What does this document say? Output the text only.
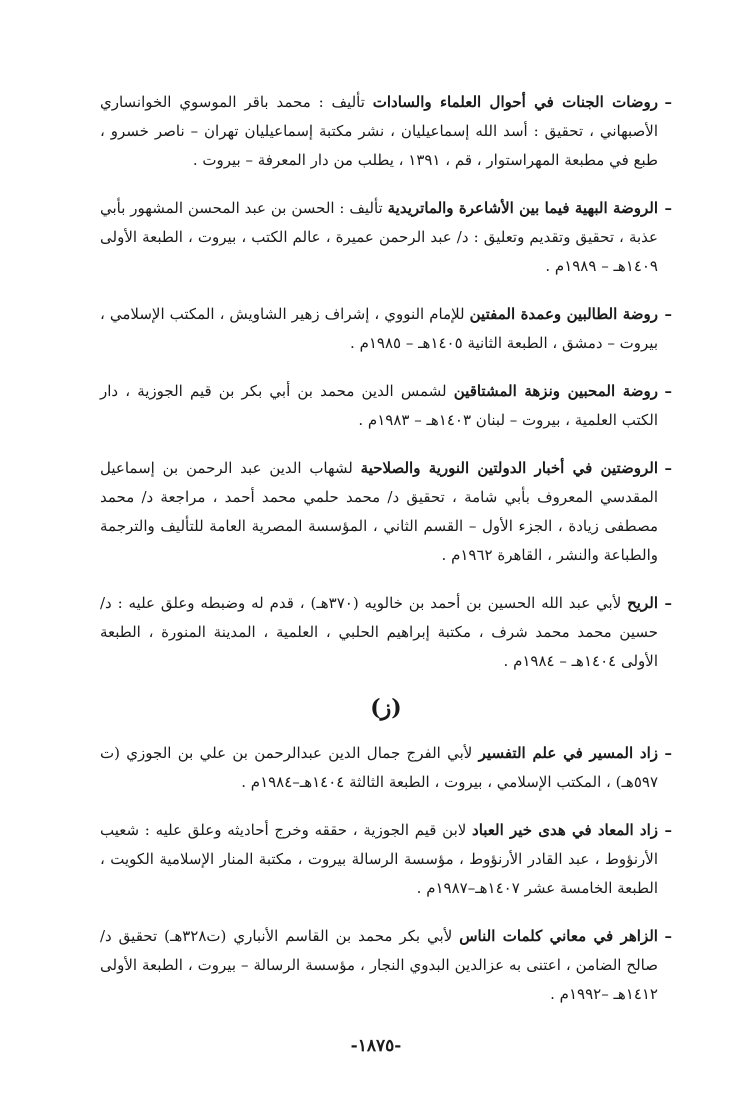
– روضات الجنات في أحوال العلماء والسادات تأليف : محمد باقر الموسوي الخوانساري الأصبهاني ، تحقيق : أسد الله إسماعيليان ، نشر مكتبة إسماعيليان تهران – ناصر خسرو ، طبع في مطبعة المهراستوار ، قم ، ١٣٩١ ، يطلب من دار المعرفة – بيروت .
– الروضة البهية فيما بين الأشاعرة والماتريدية تأليف : الحسن بن عبد المحسن المشهور بأبي عذبة ، تحقيق وتقديم وتعليق : د/ عبد الرحمن عميرة ، عالم الكتب ، بيروت ، الطبعة الأولى ١٤٠٩هـ – ١٩٨٩م .
– روضة الطالبين وعمدة المفتين للإمام النووي ، إشراف زهير الشاويش ، المكتب الإسلامي ، بيروت – دمشق ، الطبعة الثانية ١٤٠٥هـ – ١٩٨٥م .
– روضة المحبين ونزهة المشتاقين لشمس الدين محمد بن أبي بكر بن قيم الجوزية ، دار الكتب العلمية ، بيروت – لبنان ١٤٠٣هـ – ١٩٨٣م .
– الروضتين في أخبار الدولتين النورية والصلاحية لشهاب الدين عبد الرحمن بن إسماعيل المقدسي المعروف بأبي شامة ، تحقيق د/ محمد حلمي محمد أحمد ، مراجعة د/ محمد مصطفى زيادة ، الجزء الأول – القسم الثاني ، المؤسسة المصرية العامة للتأليف والترجمة والطباعة والنشر ، القاهرة ١٩٦٢م .
– الريح لأبي عبد الله الحسين بن أحمد بن خالويه (٣٧٠هـ) ، قدم له وضبطه وعلق عليه : د/ حسين محمد محمد شرف ، مكتبة إبراهيم الحلبي ، العلمية ، المدينة المنورة ، الطبعة الأولى ١٤٠٤هـ – ١٩٨٤م .
(ز)
– زاد المسير في علم التفسير لأبي الفرج جمال الدين عبدالرحمن بن علي بن الجوزي (ت ٥٩٧هـ) ، المكتب الإسلامي ، بيروت ، الطبعة الثالثة ١٤٠٤هـ–١٩٨٤م .
– زاد المعاد في هدى خير العباد لابن قيم الجوزية ، حققه وخرج أحاديثه وعلق عليه : شعيب الأرنؤوط ، عبد القادر الأرنؤوط ، مؤسسة الرسالة بيروت ، مكتبة المنار الإسلامية الكويت ، الطبعة الخامسة عشر ١٤٠٧هـ–١٩٨٧م .
– الزاهر في معاني كلمات الناس لأبي بكر محمد بن القاسم الأنباري (ت٣٢٨هـ) تحقيق د/ صالح الضامن ، اعتنى به عزالدين البدوي النجار ، مؤسسة الرسالة – بيروت ، الطبعة الأولى ١٤١٢هـ –١٩٩٢م .
-١٨٧٥-
